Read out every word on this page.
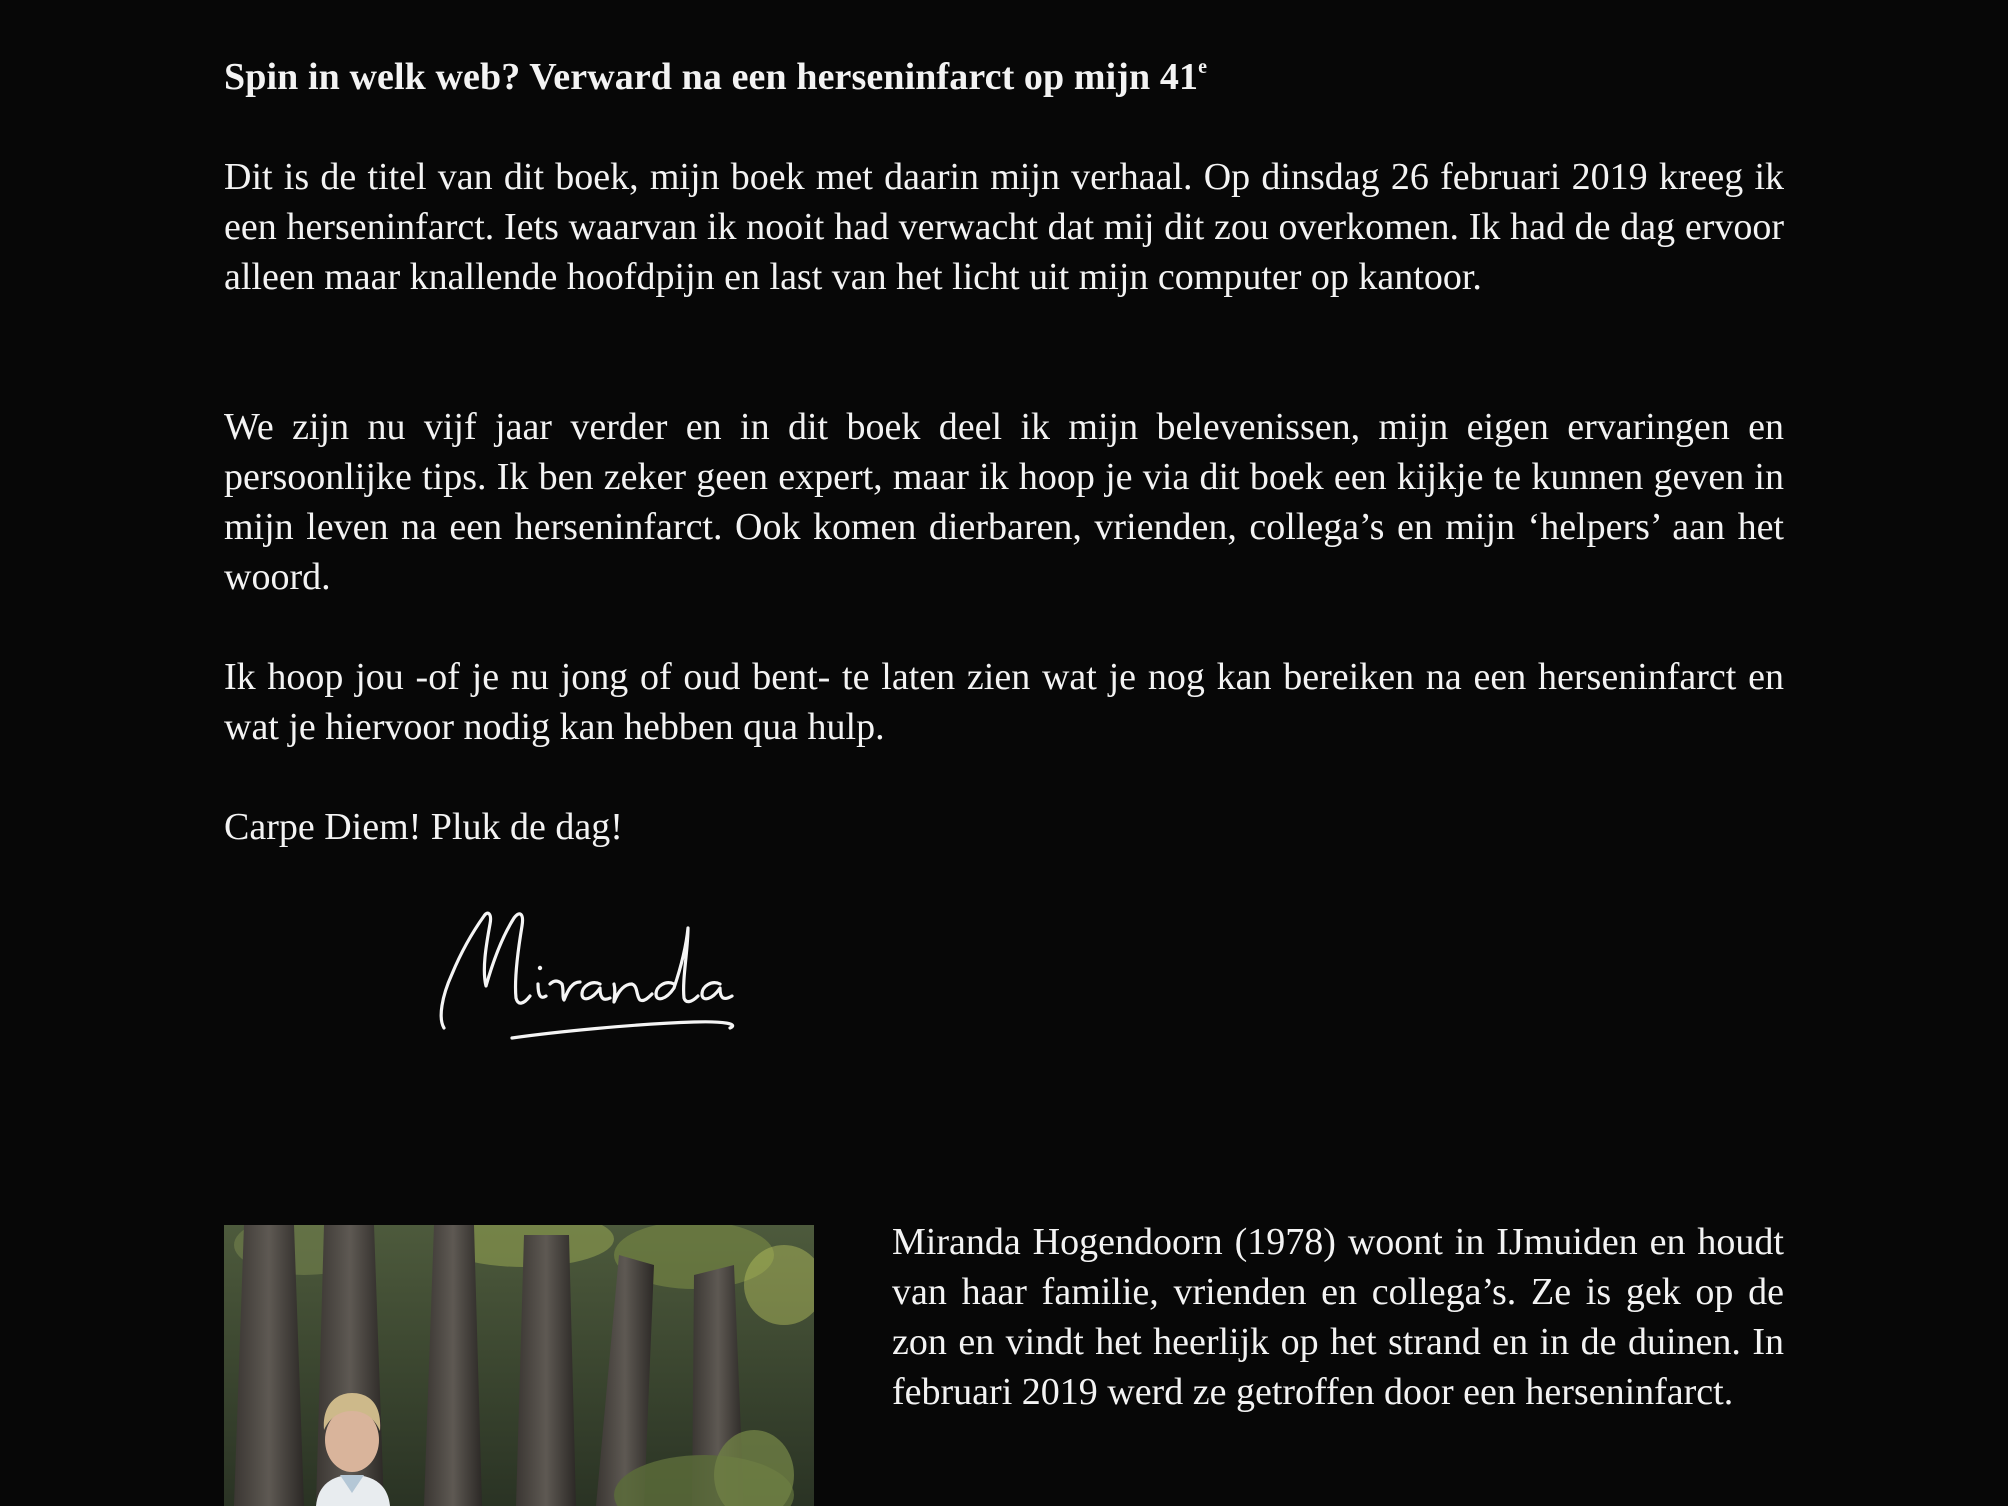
Spin in welk web? Verward na een herseninfarct op mijn 41e

Dit is de titel van dit boek, mijn boek met daarin mijn verhaal. Op dinsdag 26 februari 2019 kreeg ik een herseninfarct. Iets waarvan ik nooit had verwacht dat mij dit zou overkomen. Ik had de dag ervoor alleen maar knallende hoofdpijn en last van het licht uit mijn computer op kantoor.

We zijn nu vijf jaar verder en in dit boek deel ik mijn belevenissen, mijn eigen ervaringen en persoonlijke tips. Ik ben zeker geen expert, maar ik hoop je via dit boek een kijkje te kunnen geven in mijn leven na een herseninfarct. Ook komen dierbaren, vrienden, collega’s en mijn ‘helpers’ aan het woord.

Ik hoop jou -of je nu jong of oud bent- te laten zien wat je nog kan bereiken na een herseninfarct en wat je hiervoor nodig kan hebben qua hulp.

Carpe Diem! Pluk de dag!

Miranda Hogendoorn (1978) woont in IJmuiden en houdt van haar familie, vrienden en collega’s. Ze is gek op de zon en vindt het heerlijk op het strand en in de duinen. In februari 2019 werd ze getroffen door een herseninfarct.
